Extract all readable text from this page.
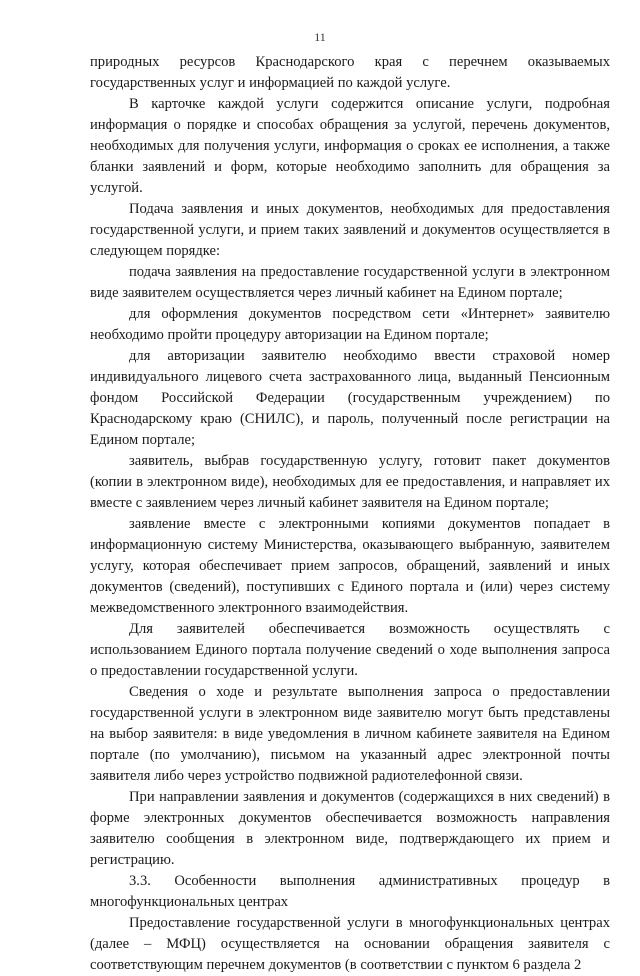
11

природных ресурсов Краснодарского края с перечнем оказываемых государственных услуг и информацией по каждой услуге.

В карточке каждой услуги содержится описание услуги, подробная информация о порядке и способах обращения за услугой, перечень документов, необходимых для получения услуги, информация о сроках ее исполнения, а также бланки заявлений и форм, которые необходимо заполнить для обращения за услугой.

Подача заявления и иных документов, необходимых для предоставления государственной услуги, и прием таких заявлений и документов осуществляется в следующем порядке:

подача заявления на предоставление государственной услуги в электронном виде заявителем осуществляется через личный кабинет на Едином портале;

для оформления документов посредством сети «Интернет» заявителю необходимо пройти процедуру авторизации на Едином портале;

для авторизации заявителю необходимо ввести страховой номер индивидуального лицевого счета застрахованного лица, выданный Пенсионным фондом Российской Федерации (государственным учреждением) по Краснодарскому краю (СНИЛС), и пароль, полученный после регистрации на Едином портале;

заявитель, выбрав государственную услугу, готовит пакет документов (копии в электронном виде), необходимых для ее предоставления, и направляет их вместе с заявлением через личный кабинет заявителя на Едином портале;

заявление вместе с электронными копиями документов попадает в информационную систему Министерства, оказывающего выбранную, заявителем услугу, которая обеспечивает прием запросов, обращений, заявлений и иных документов (сведений), поступивших с Единого портала и (или) через систему межведомственного электронного взаимодействия.

Для заявителей обеспечивается возможность осуществлять с использованием Единого портала получение сведений о ходе выполнения запроса о предоставлении государственной услуги.

Сведения о ходе и результате выполнения запроса о предоставлении государственной услуги в электронном виде заявителю могут быть представлены на выбор заявителя: в виде уведомления в личном кабинете заявителя на Едином портале (по умолчанию), письмом на указанный адрес электронной почты заявителя либо через устройство подвижной радиотелефонной связи.

При направлении заявления и документов (содержащихся в них сведений) в форме электронных документов обеспечивается возможность направления заявителю сообщения в электронном виде, подтверждающего их прием и регистрацию.

3.3. Особенности выполнения административных процедур в многофункциональных центрах

Предоставление государственной услуги в многофункциональных центрах (далее – МФЦ) осуществляется на основании обращения заявителя с соответствующим перечнем документов (в соответствии с пунктом 6 раздела 2
